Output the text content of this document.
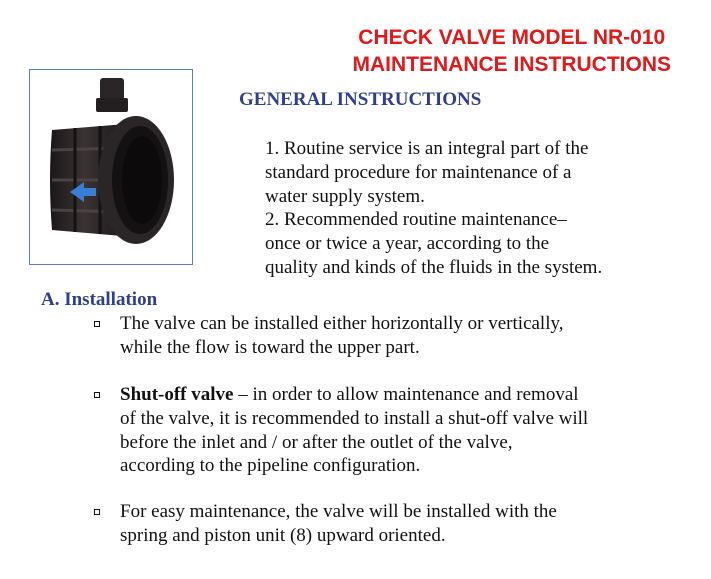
CHECK VALVE MODEL NR-010
MAINTENANCE INSTRUCTIONS
GENERAL INSTRUCTIONS

1. Routine service is an integral part of the

standard procedure for maintenance of a

water supply system.

2. Recommended routine maintenance–

once or twice a year, according to the

quality and kinds of the fluids in the system.

A. Installation

The valve can be installed either horizontally or vertically,

while the flow is toward the upper part.

Shut-off valve – in order to allow maintenance and removal

of the valve, it is recommended to install a shut-off valve will

before the inlet and / or after the outlet of the valve,

according to the pipeline configuration.

For easy maintenance, the valve will be installed with the

spring and piston unit (8) upward oriented.
